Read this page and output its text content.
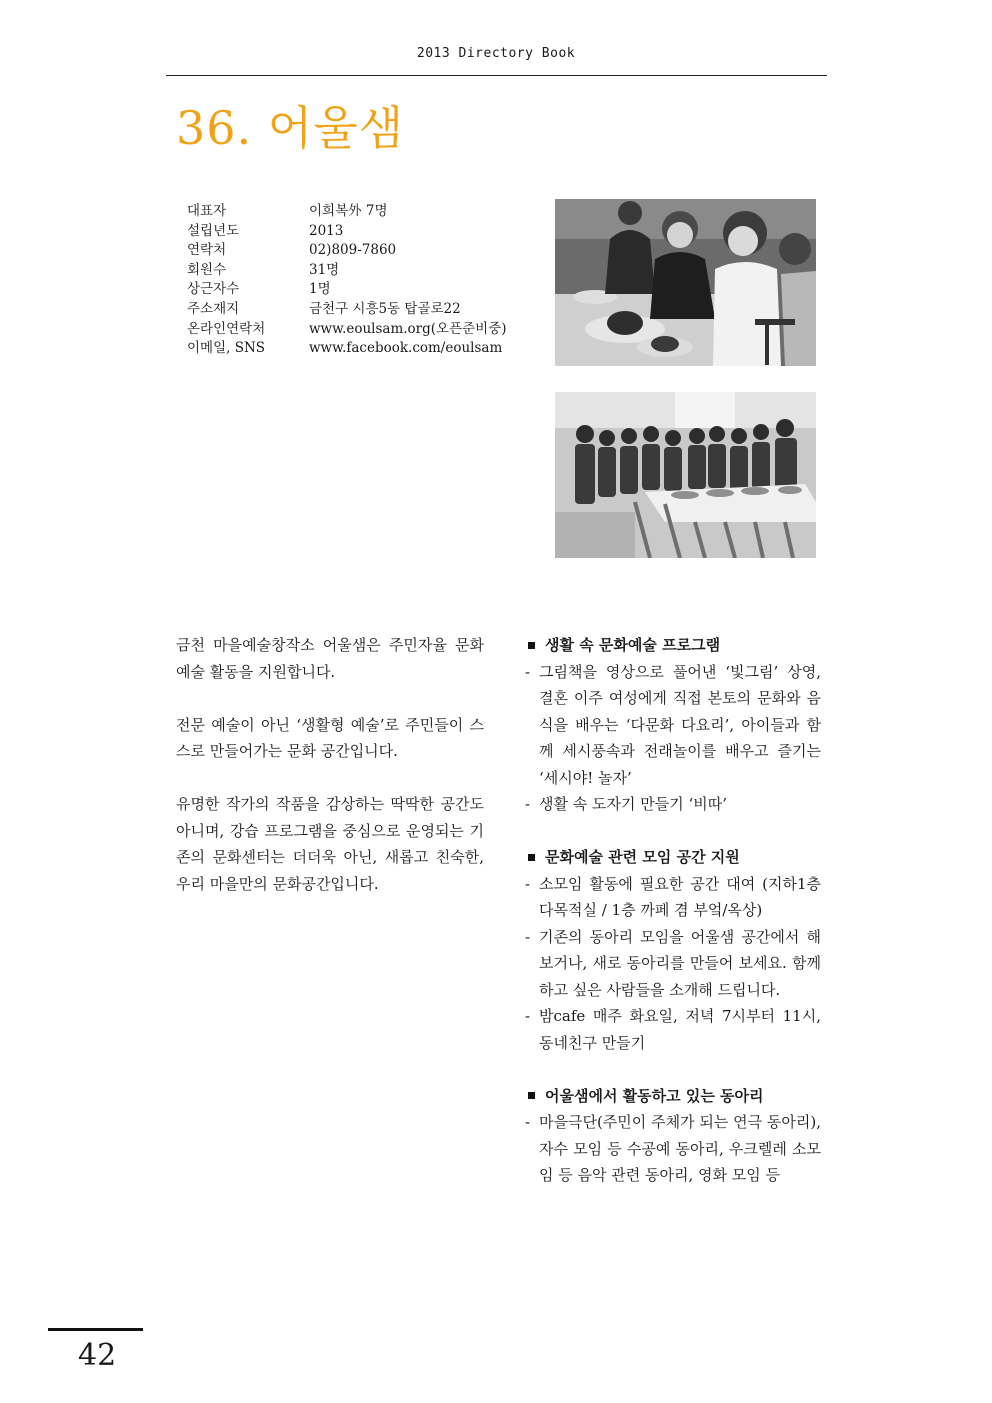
2013 Directory Book
36. 어울샘
대표자	이희복外 7명
설립년도	2013
연락처	02)809-7860
회원수	31명
상근자수	1명
주소재지	금천구 시흥5동 탑골로22
온라인연락처	www.eoulsam.org(오픈준비중)
이메일, SNS	www.facebook.com/eoulsam

금천 마을예술창작소 어울샘은 주민자율 문화예술 활동을 지원합니다.

전문 예술이 아닌 ‘생활형 예술’로 주민들이 스스로 만들어가는 문화 공간입니다.

유명한 작가의 작품을 감상하는 딱딱한 공간도 아니며, 강습 프로그램을 중심으로 운영되는 기존의 문화센터는 더더욱 아닌, 새롭고 친숙한, 우리 마을만의 문화공간입니다.

생활 속 문화예술 프로그램
- 그림책을 영상으로 풀어낸 ‘빛그림’ 상영, 결혼 이주 여성에게 직접 본토의 문화와 음식을 배우는 ‘다문화 다요리’, 아이들과 함께 세시풍속과 전래놀이를 배우고 즐기는 ‘세시야! 놀자’
- 생활 속 도자기 만들기 ‘비따’
문화예술 관련 모임 공간 지원
- 소모임 활동에 필요한 공간 대여 (지하1층 다목적실 / 1층 까페 겸 부엌/옥상)
- 기존의 동아리 모임을 어울샘 공간에서 해보거나, 새로 동아리를 만들어 보세요. 함께 하고 싶은 사람들을 소개해 드립니다.
- 밤cafe 매주 화요일, 저녁 7시부터 11시, 동네친구 만들기
어울샘에서 활동하고 있는 동아리
- 마을극단(주민이 주체가 되는 연극 동아리), 자수 모임 등 수공예 동아리, 우크렐레 소모임 등 음악 관련 동아리, 영화 모임 등
42
